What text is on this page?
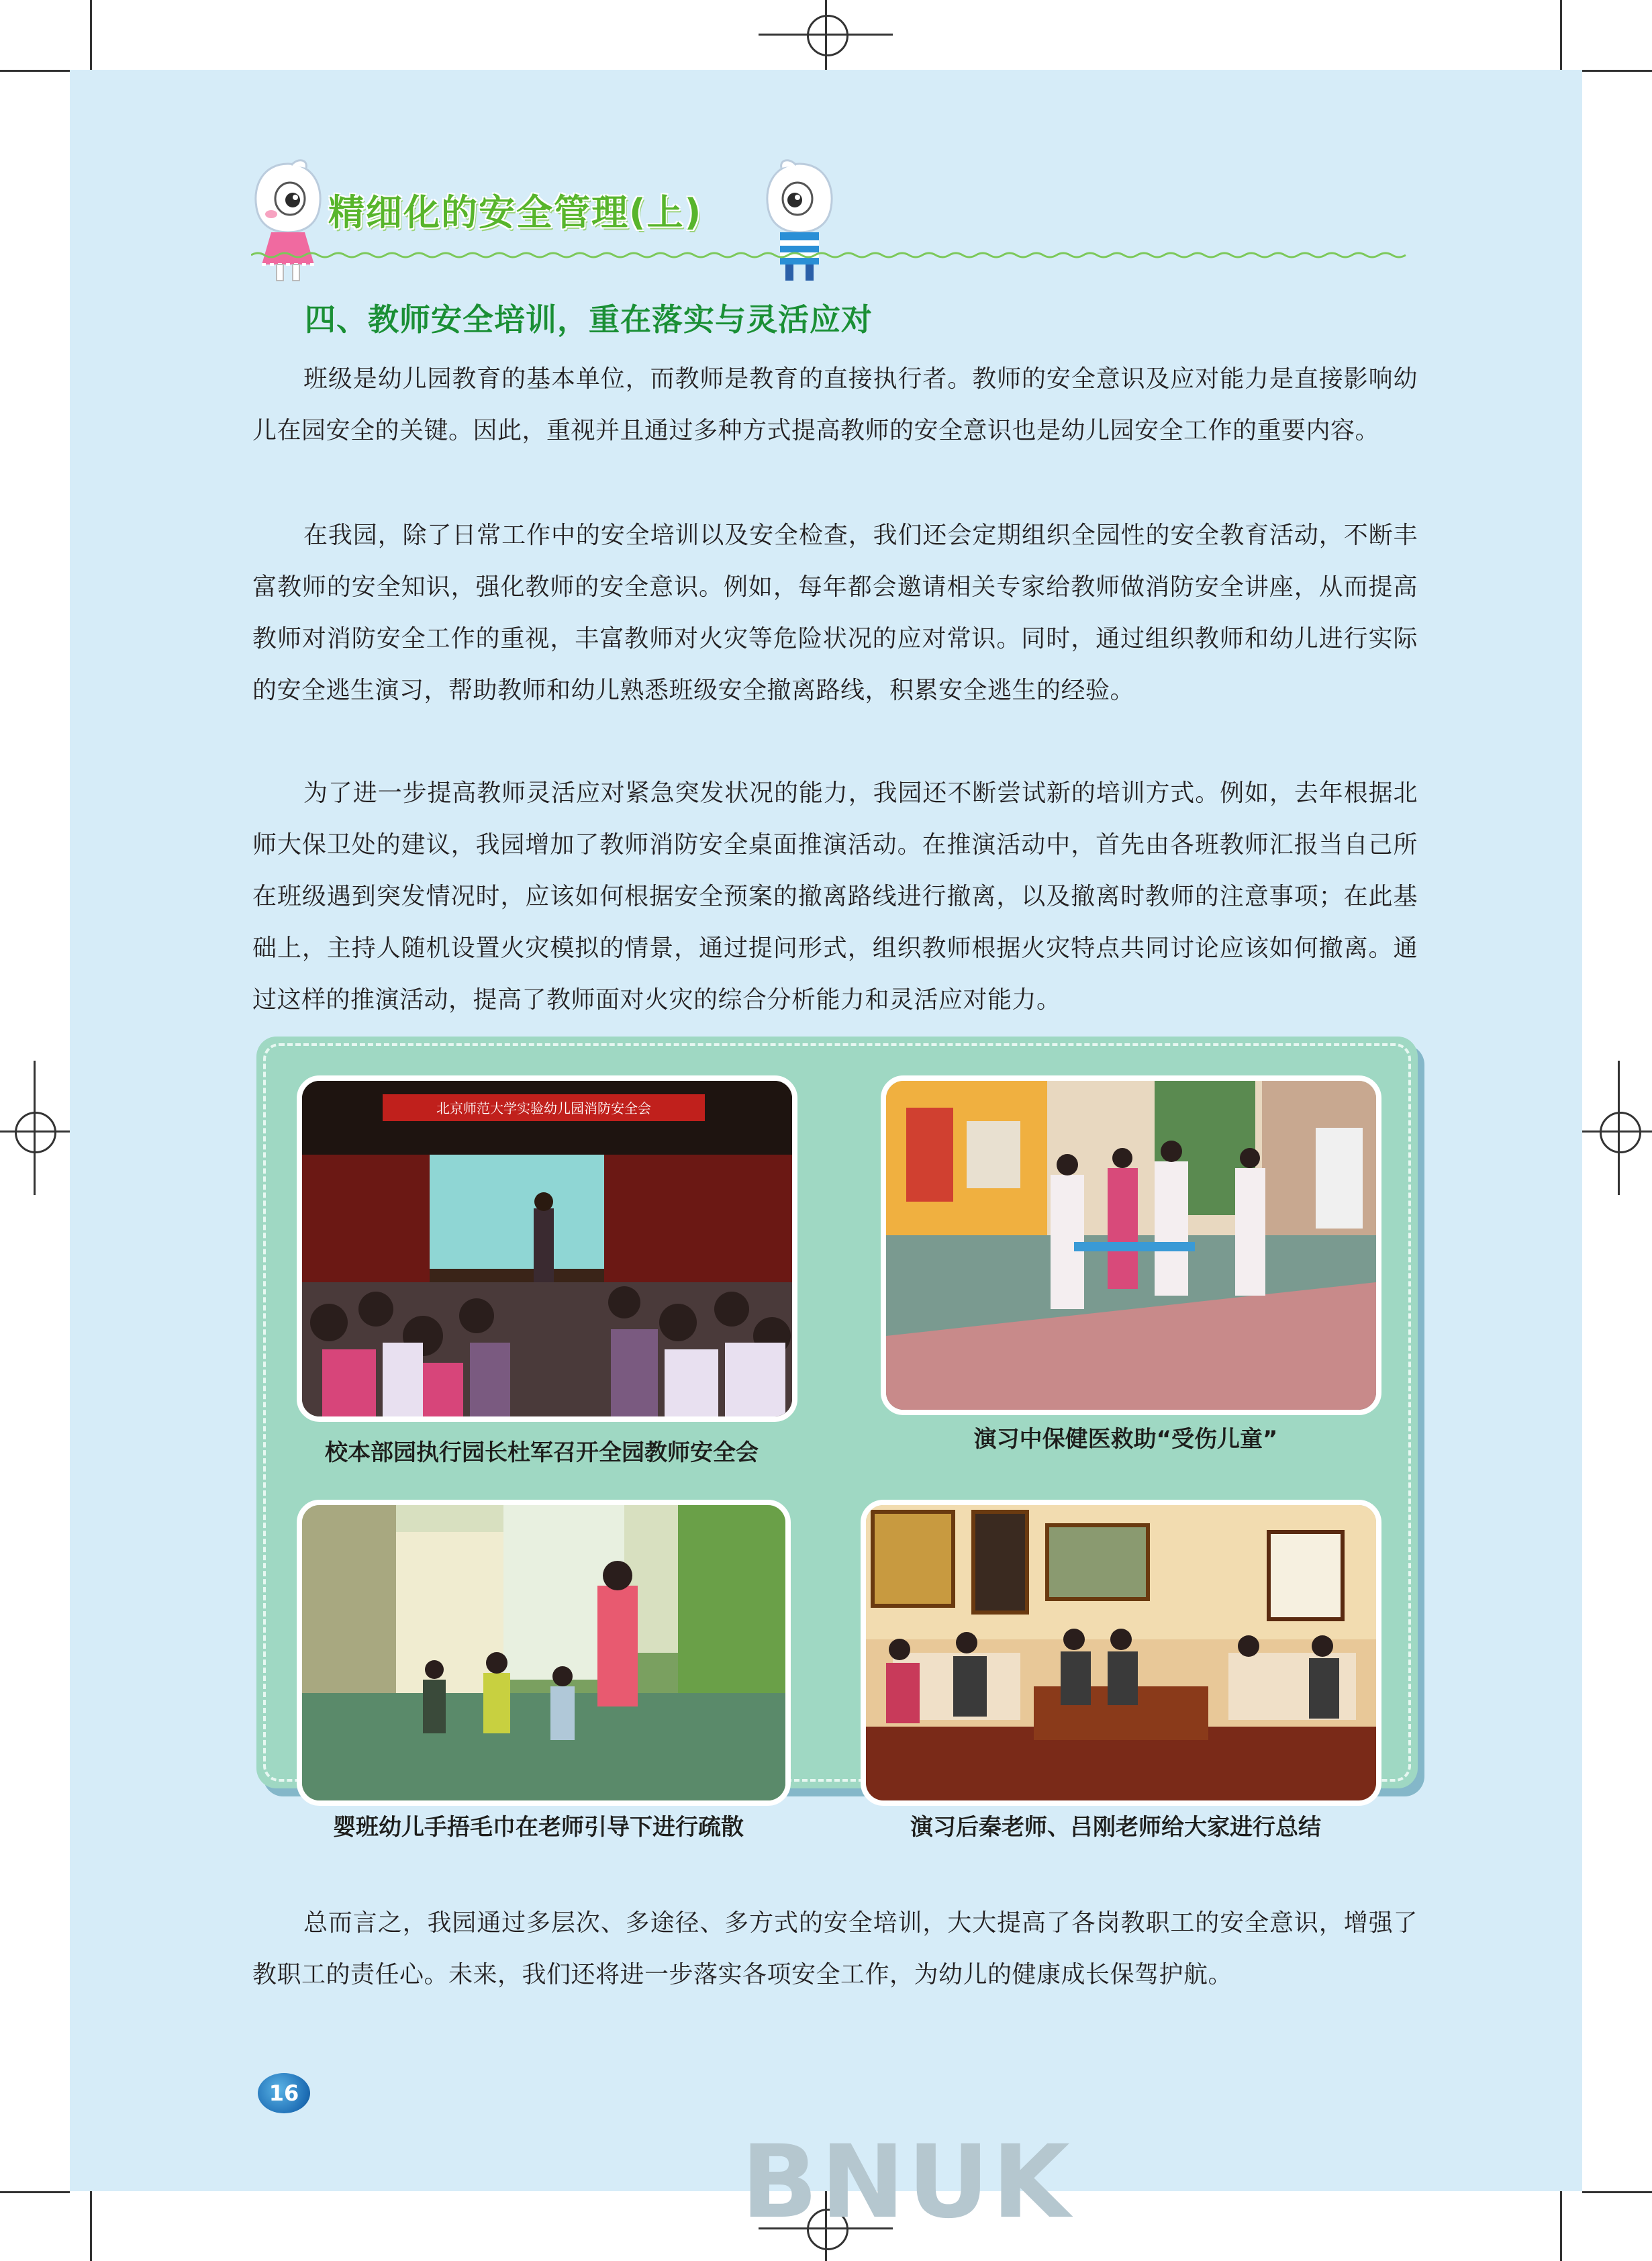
精细化的安全管理(上)
四、教师安全培训，重在落实与灵活应对

班级是幼儿园教育的基本单位，而教师是教育的直接执行者。教师的安全意识及应对能力是直接影响幼儿在园安全的关键。因此，重视并且通过多种方式提高教师的安全意识也是幼儿园安全工作的重要内容。

在我园，除了日常工作中的安全培训以及安全检查，我们还会定期组织全园性的安全教育活动，不断丰富教师的安全知识，强化教师的安全意识。例如，每年都会邀请相关专家给教师做消防安全讲座，从而提高教师对消防安全工作的重视，丰富教师对火灾等危险状况的应对常识。同时，通过组织教师和幼儿进行实际的安全逃生演习，帮助教师和幼儿熟悉班级安全撤离路线，积累安全逃生的经验。

为了进一步提高教师灵活应对紧急突发状况的能力，我园还不断尝试新的培训方式。例如，去年根据北师大保卫处的建议，我园增加了教师消防安全桌面推演活动。在推演活动中，首先由各班教师汇报当自己所在班级遇到突发情况时，应该如何根据安全预案的撤离路线进行撤离，以及撤离时教师的注意事项；在此基础上，主持人随机设置火灾模拟的情景，通过提问形式，组织教师根据火灾特点共同讨论应该如何撤离。通过这样的推演活动，提高了教师面对火灾的综合分析能力和灵活应对能力。

北京师范大学实验幼儿园消防安全会
校本部园执行园长杜军召开全园教师安全会	演习中保健医救助“受伤儿童”
婴班幼儿手捂毛巾在老师引导下进行疏散	演习后秦老师、吕刚老师给大家进行总结

总而言之，我园通过多层次、多途径、多方式的安全培训，大大提高了各岗教职工的安全意识，增强了教职工的责任心。未来，我们还将进一步落实各项安全工作，为幼儿的健康成长保驾护航。

16
BNUK
